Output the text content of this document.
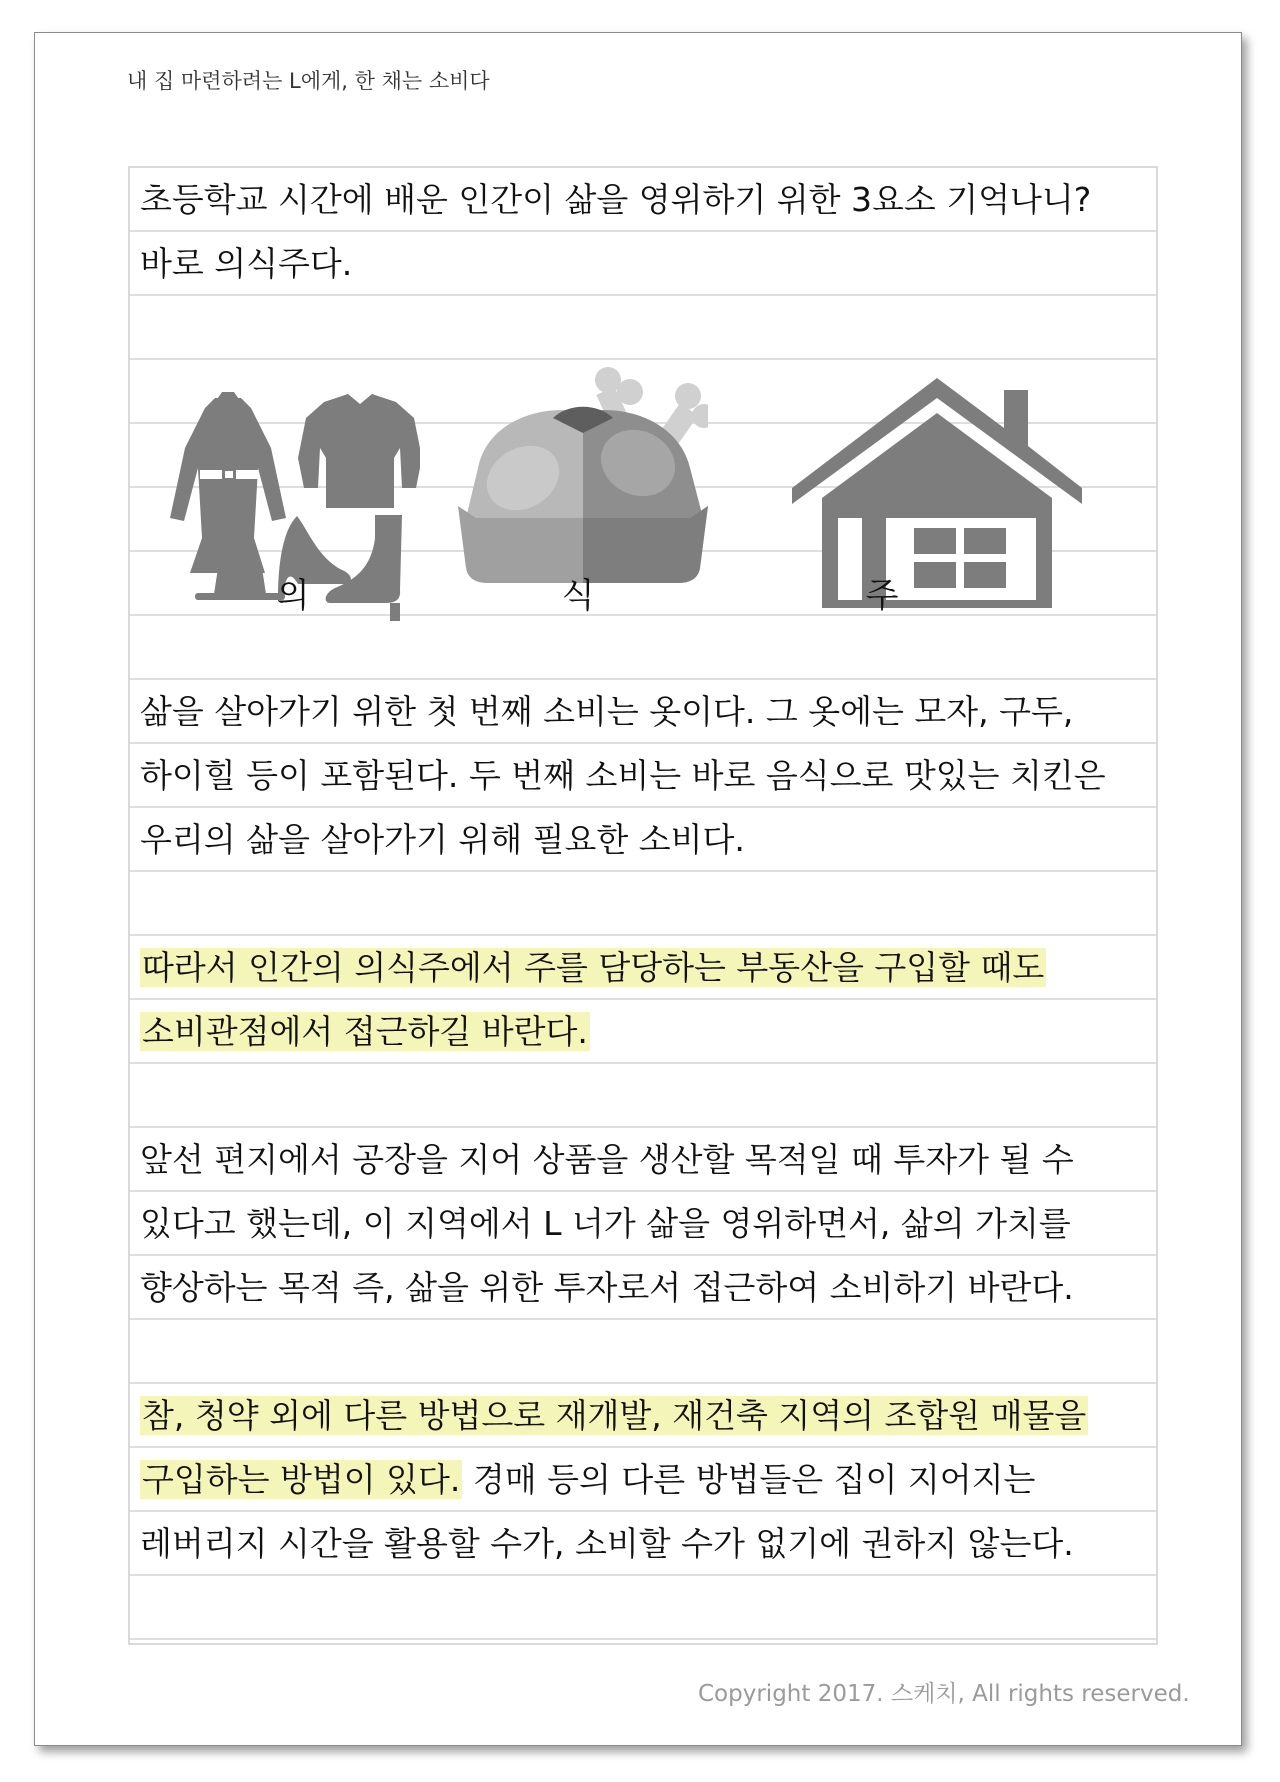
내 집 마련하려는 L에게, 한 채는 소비다
초등학교 시간에 배운 인간이 삶을 영위하기 위한 3요소 기억나니?
바로 의식주다.
의	식	주
삶을 살아가기 위한 첫 번째 소비는 옷이다. 그 옷에는 모자, 구두,
하이힐 등이 포함된다. 두 번째 소비는 바로 음식으로 맛있는 치킨은
우리의 삶을 살아가기 위해 필요한 소비다.
따라서 인간의 의식주에서 주를 담당하는 부동산을 구입할 때도
소비관점에서 접근하길 바란다.
앞선 편지에서 공장을 지어 상품을 생산할 목적일 때 투자가 될 수
있다고 했는데, 이 지역에서 L 너가 삶을 영위하면서, 삶의 가치를
향상하는 목적 즉, 삶을 위한 투자로서 접근하여 소비하기 바란다.
참, 청약 외에 다른 방법으로 재개발, 재건축 지역의 조합원 매물을
구입하는 방법이 있다. 경매 등의 다른 방법들은 집이 지어지는
레버리지 시간을 활용할 수가, 소비할 수가 없기에 권하지 않는다.
Copyright 2017. 스케치, All rights reserved.
